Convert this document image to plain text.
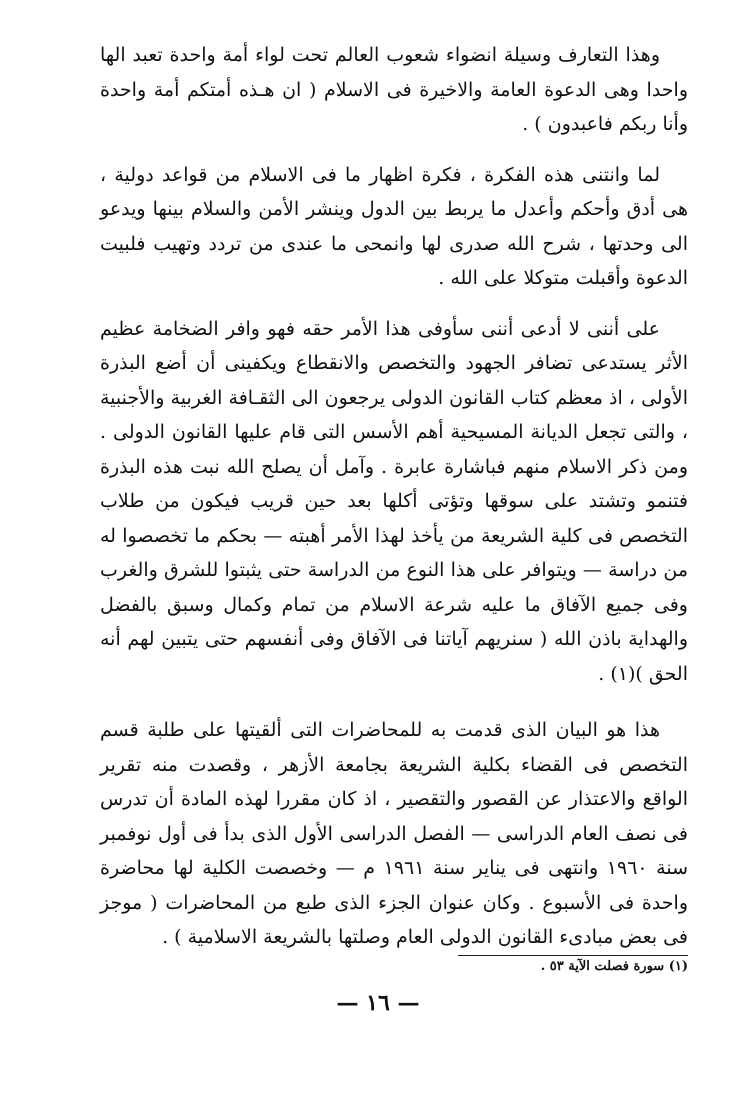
وهذا التعارف وسيلة انضواء شعوب العالم تحت لواء أمة واحدة تعبد الها واحدا وهى الدعوة العامة والاخيرة فى الاسلام ( ان هـذه أمتكم أمة واحدة وأنا ربكم فاعبدون ) .

لما وانتنى هذه الفكرة ، فكرة اظهار ما فى الاسلام من قواعد دولية ، هى أدق وأحكم وأعدل ما يربط بين الدول وينشر الأمن والسلام بينها ويدعو الى وحدتها ، شرح الله صدرى لها وانمحى ما عندى من تردد وتهيب فلبيت الدعوة وأقبلت متوكلا على الله .

على أننى لا أدعى أننى سأوفى هذا الأمر حقه فهو وافر الضخامة عظيم الأثر يستدعى تضافر الجهود والتخصص والانقطاع ويكفينى أن أضع البذرة الأولى ، اذ معظم كتاب القانون الدولى يرجعون الى الثقـافة الغربية والأجنبية ، والتى تجعل الديانة المسيحية أهم الأسس التى قام عليها القانون الدولى . ومن ذكر الاسلام منهم فباشارة عابرة . وآمل أن يصلح الله نبت هذه البذرة فتنمو وتشتد على سوقها وتؤتى أكلها بعد حين قريب فيكون من طلاب التخصص فى كلية الشريعة من يأخذ لهذا الأمر أهبته — بحكم ما تخصصوا له من دراسة — ويتوافر على هذا النوع من الدراسة حتى يثبتوا للشرق والغرب وفى جميع الآفاق ما عليه شرعة الاسلام من تمام وكمال وسبق بالفضل والهداية باذن الله ( سنريهم آياتنا فى الآفاق وفى أنفسهم حتى يتبين لهم أنه الحق )(١) .

هذا هو البيان الذى قدمت به للمحاضرات التى ألقيتها على طلبة قسم التخصص فى القضاء بكلية الشريعة بجامعة الأزهر ، وقصدت منه تقرير الواقع والاعتذار عن القصور والتقصير ، اذ كان مقررا لهذه المادة أن تدرس فى نصف العام الدراسى — الفصل الدراسى الأول الذى بدأ فى أول نوفمبر سنة ١٩٦٠ وانتهى فى يناير سنة ١٩٦١ م — وخصصت الكلية لها محاضرة واحدة فى الأسبوع . وكان عنوان الجزء الذى طبع من المحاضرات ( موجز فى بعض مبادىء القانون الدولى العام وصلتها بالشريعة الاسلامية ) .

(١) سورة فصلت الآية ٥٣ .
— ١٦ —
